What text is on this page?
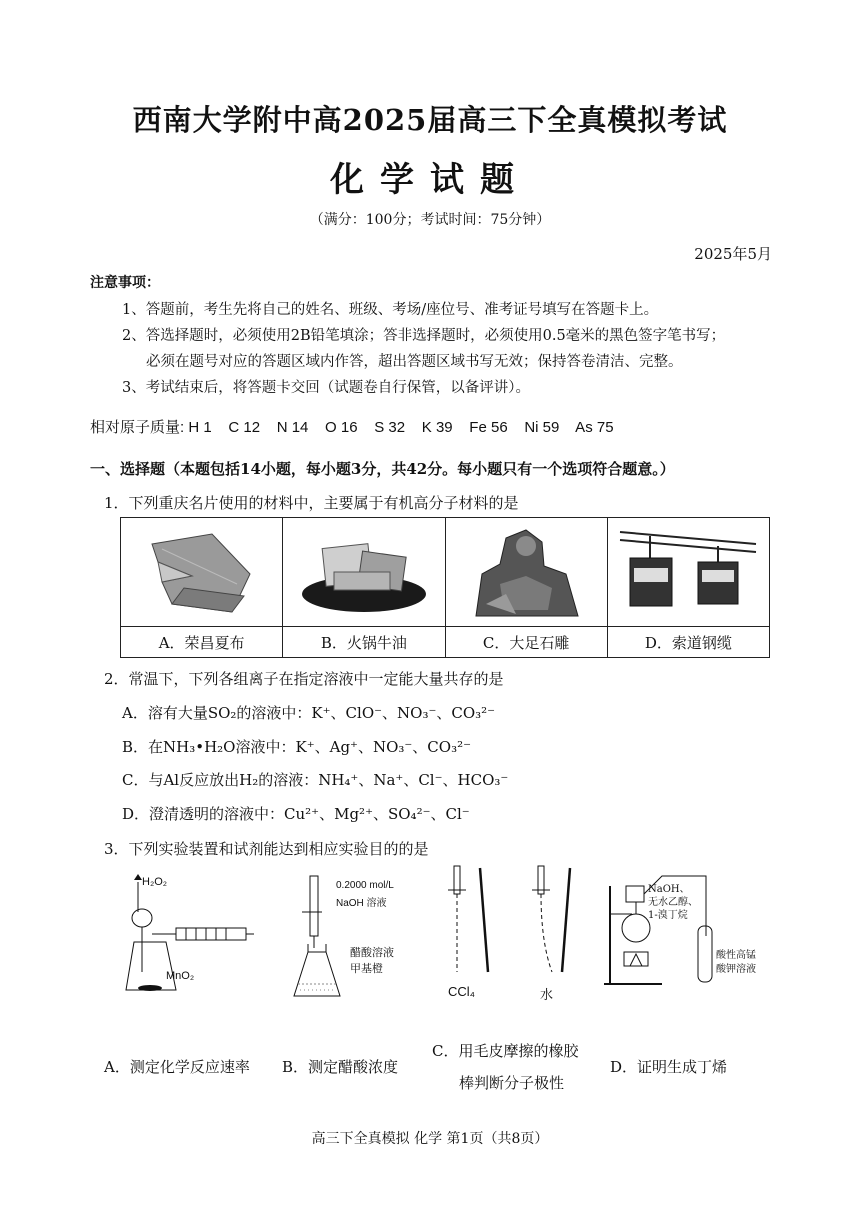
西南大学附中高2025届高三下全真模拟考试
化学试题
（满分：100分；考试时间：75分钟）
2025年5月
注意事项：
1、答题前，考生先将自己的姓名、班级、考场/座位号、准考证号填写在答题卡上。
2、答选择题时，必须使用2B铅笔填涂；答非选择题时，必须使用0.5毫米的黑色签字笔书写；
必须在题号对应的答题区域内作答，超出答题区域书写无效；保持答卷清洁、完整。
3、考试结束后，将答题卡交回（试题卷自行保管，以备评讲）。
相对原子质量: H 1    C 12    N 14    O 16    S 32    K 39    Fe 56    Ni 59    As 75
一、选择题（本题包括14小题，每小题3分，共42分。每小题只有一个选项符合题意。）
1．下列重庆名片使用的材料中，主要属于有机高分子材料的是

A．荣昌夏布	B．火锅牛油	C．大足石雕	D．索道钢缆
2．常温下，下列各组离子在指定溶液中一定能大量共存的是
A．溶有大量SO₂的溶液中：K⁺、ClO⁻、NO₃⁻、CO₃²⁻
B．在NH₃•H₂O溶液中：K⁺、Ag⁺、NO₃⁻、CO₃²⁻
C．与Al反应放出H₂的溶液：NH₄⁺、Na⁺、Cl⁻、HCO₃⁻
D．澄清透明的溶液中：Cu²⁺、Mg²⁺、SO₄²⁻、Cl⁻
3．下列实验装置和试剂能达到相应实验目的的是
H₂O₂
MnO₂
0.2000 mol/L
NaOH 溶液
醋酸溶液
甲基橙
CCl₄	水
NaOH、
无水乙醇、
1-溴丁烷
酸性高锰
酸钾溶液
A．测定化学反应速率 B．测定醋酸浓度
C．用毛皮摩擦的橡胶
棒判断分子极性
D．证明生成丁烯
高三下全真模拟 化学 第1页（共8页）
